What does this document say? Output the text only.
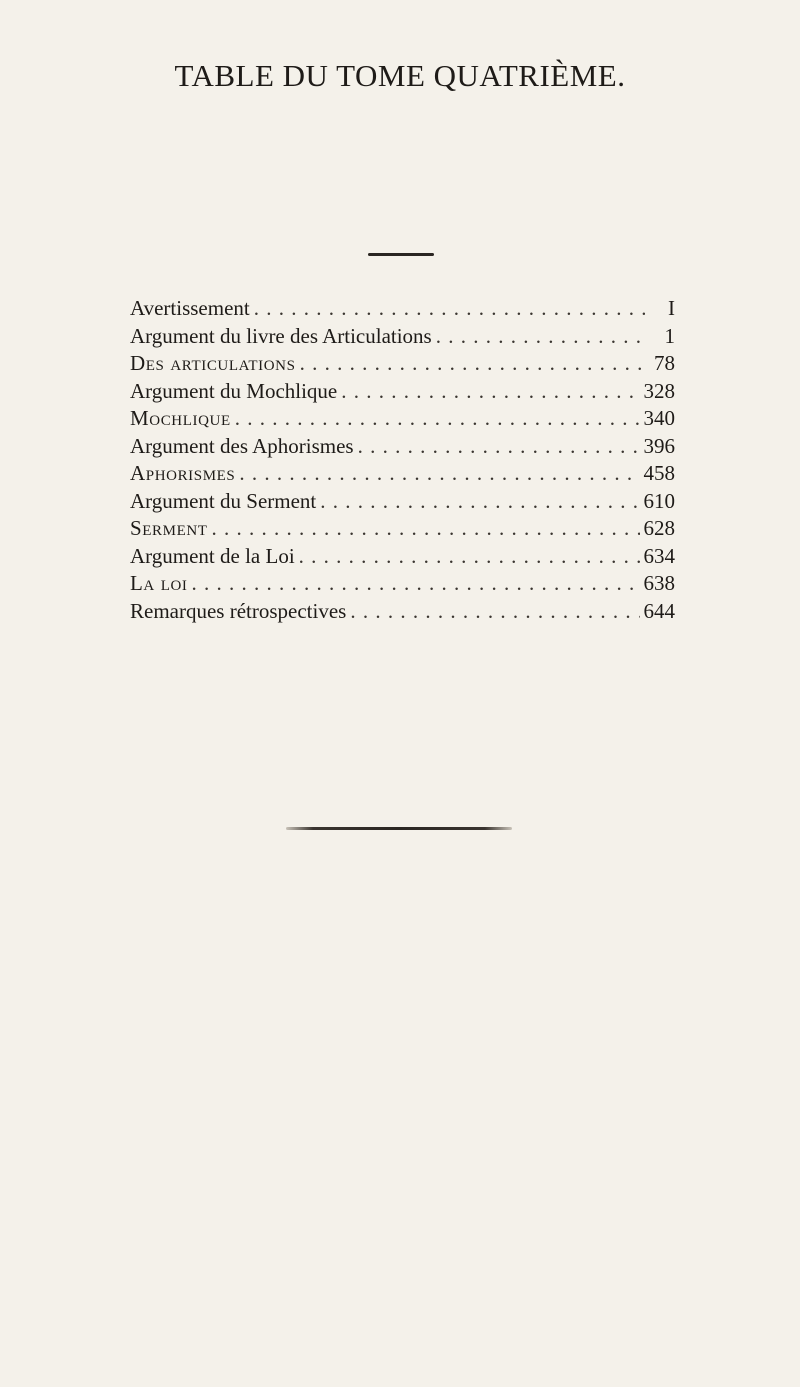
TABLE DU TOME QUATRIÈME.
Avertissement . . .	I
Argument du livre des Articulations . . .	1
Des articulations . . .	78
Argument du Mochlique . . .	328
Mochlique . . .	340
Argument des Aphorismes . . .	396
Aphorismes . . .	458
Argument du Serment . . .	610
Serment . . .	628
Argument de la Loi . . .	634
La loi . . .	638
Remarques rétrospectives . . .	644
